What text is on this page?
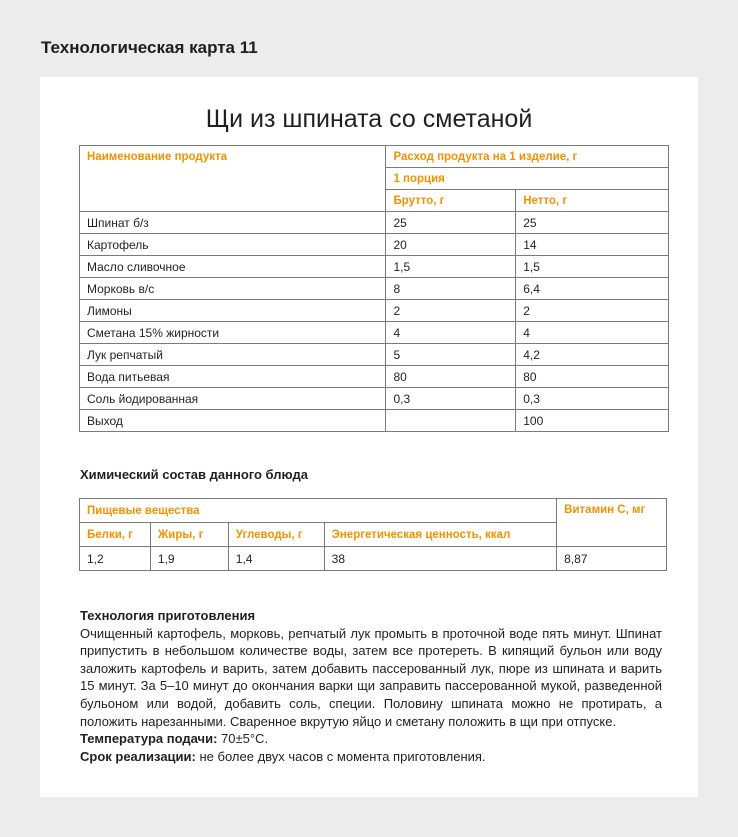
Технологическая карта 11
Щи из шпината со сметаной
Наименование продукта	Расход продукта на 1 изделие, г	
	1 порция	
	Брутто, г	Нетто, г
Шпинат б/з	25	25
Картофель	20	14
Масло сливочное	1,5	1,5
Морковь в/с	8	6,4
Лимоны	2	2
Сметана 15% жирности	4	4
Лук репчатый	5	4,2
Вода питьевая	80	80
Соль йодированная	0,3	0,3
Выход		100
Химический состав данного блюда
Пищевые вещества				Витамин С, мг
Белки, г	Жиры, г	Углеводы, г	Энергетическая ценность, ккал	
1,2	1,9	1,4	38	8,87
Технология приготовления
Очищенный картофель, морковь, репчатый лук промыть в проточной воде пять минут. Шпинат припустить в небольшом количестве воды, затем все протереть. В кипящий бульон или воду заложить картофель и варить, затем добавить пассерованный лук, пюре из шпината и варить 15 минут. За 5–10 минут до окончания варки щи заправить пассерованной мукой, разведенной бульоном или водой, добавить соль, специи. Половину шпината можно не протирать, а положить нарезанными. Сваренное вкрутую яйцо и сметану положить в щи при отпуске.
Температура подачи: 70±5°С.
Срок реализации: не более двух часов с момента приготовления.
